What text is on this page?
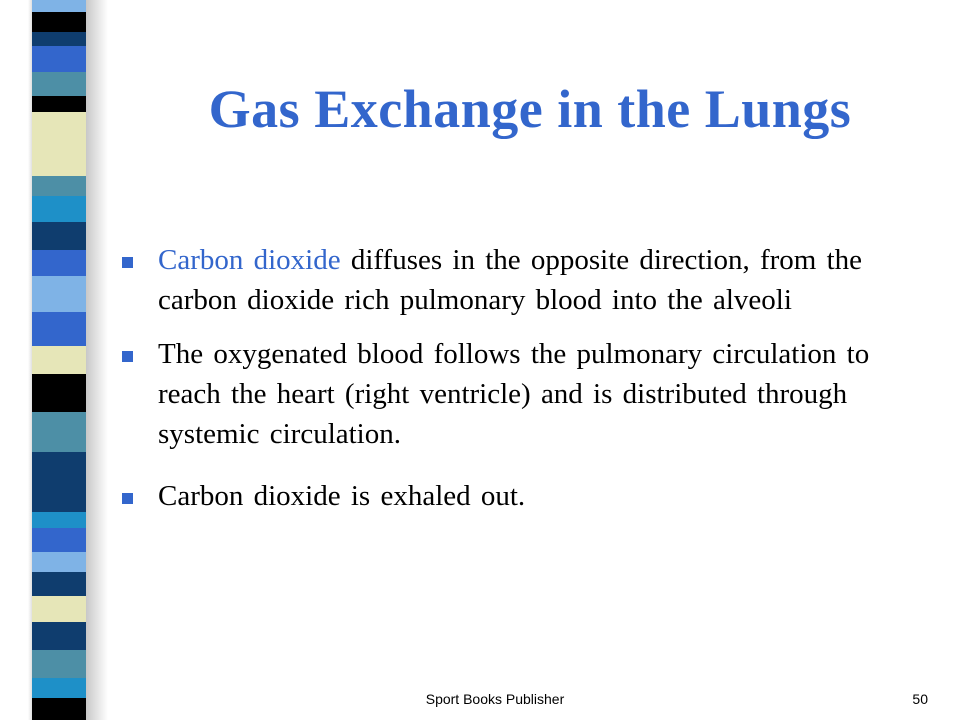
Gas Exchange in the Lungs
Carbon dioxide diffuses in the opposite direction, from the carbon dioxide rich pulmonary blood into the alveoli
The oxygenated blood follows the pulmonary circulation to reach the heart (right ventricle) and is distributed through systemic circulation.
Carbon dioxide is exhaled out.
Sport Books Publisher	50
